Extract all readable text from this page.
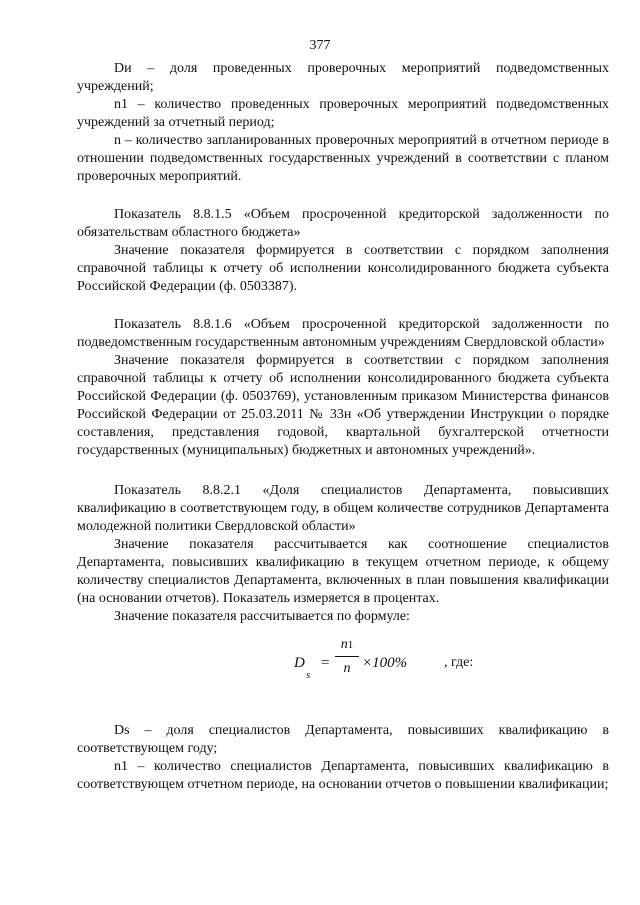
377

Dи – доля проведенных проверочных мероприятий подведомственных учреждений;

n1 – количество проведенных проверочных мероприятий подведомственных учреждений за отчетный период;

n – количество запланированных проверочных мероприятий в отчетном периоде в отношении подведомственных государственных учреждений в соответствии с планом проверочных мероприятий.

Показатель 8.8.1.5 «Объем просроченной кредиторской задолженности по обязательствам областного бюджета»

Значение показателя формируется в соответствии с порядком заполнения справочной таблицы к отчету об исполнении консолидированного бюджета субъекта Российской Федерации (ф. 0503387).

Показатель 8.8.1.6 «Объем просроченной кредиторской задолженности по подведомственным государственным автономным учреждениям Свердловской области»

Значение показателя формируется в соответствии с порядком заполнения справочной таблицы к отчету об исполнении консолидированного бюджета субъекта Российской Федерации (ф. 0503769), установленным приказом Министерства финансов Российской Федерации от 25.03.2011 № 33н «Об утверждении Инструкции о порядке составления, представления годовой, квартальной бухгалтерской отчетности государственных (муниципальных) бюджетных и автономных учреждений».

Показатель 8.8.2.1 «Доля специалистов Департамента, повысивших квалификацию в соответствующем году, в общем количестве сотрудников Департамента молодежной политики Свердловской области»

Значение показателя рассчитывается как соотношение специалистов Департамента, повысивших квалификацию в текущем отчетном периоде, к общему количеству специалистов Департамента, включенных в план повышения квалификации (на основании отчетов). Показатель измеряется в процентах.

Значение показателя рассчитывается по формуле:

D
s
=
n1
n ×100%	, где:

Ds – доля специалистов Департамента, повысивших квалификацию в соответствующем году;

n1 – количество специалистов Департамента, повысивших квалификацию в соответствующем отчетном периоде, на основании отчетов о повышении квалификации;
